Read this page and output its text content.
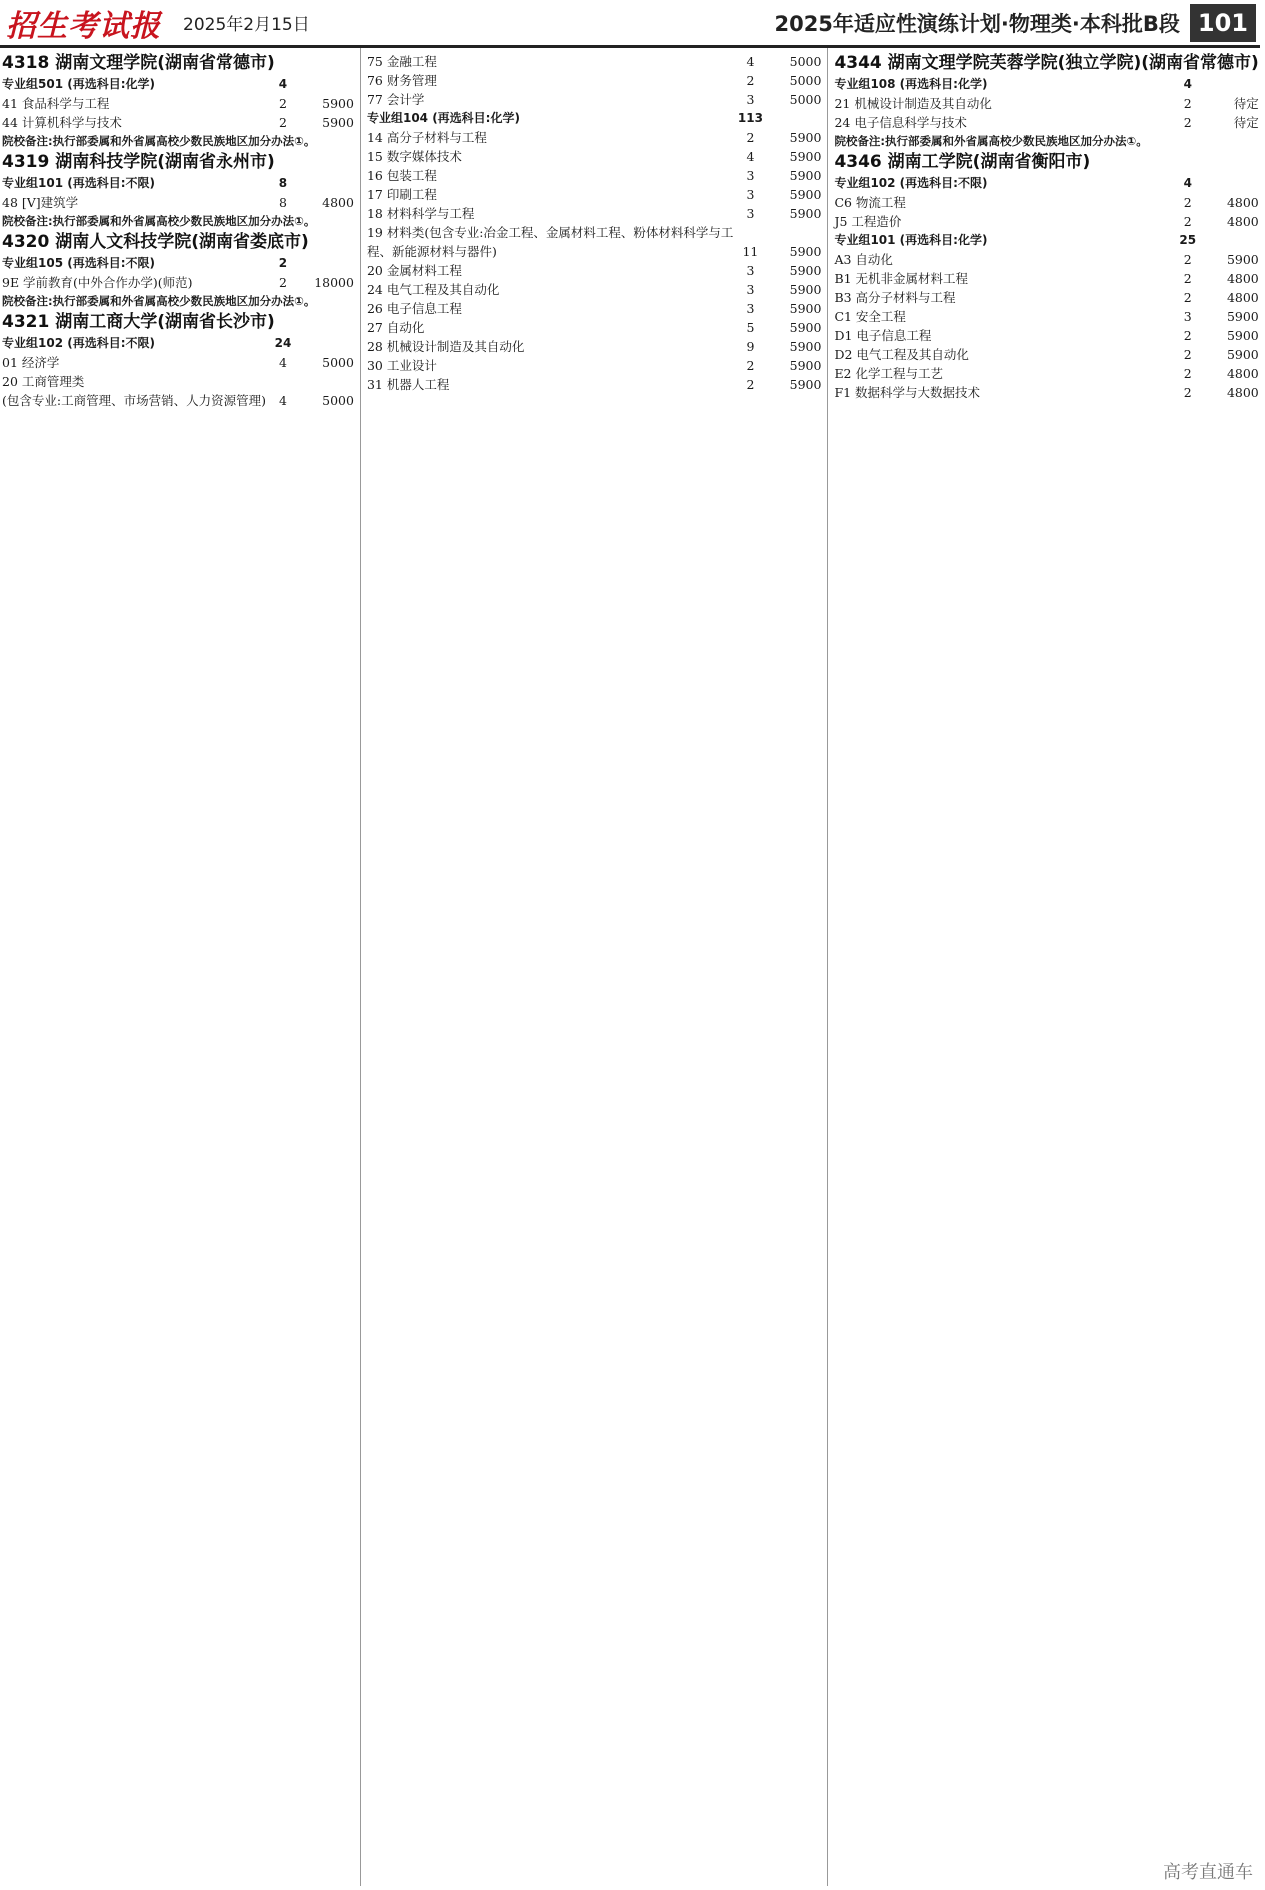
招生考试报 2025年2月15日	2025年适应性演练计划·物理类·本科批B段 101
4318 湖南文理学院(湖南省常德市)
专业组501 (再选科目:化学)	4
41 食品科学与工程	2	5900
44 计算机科学与技术	2	5900
院校备注:执行部委属和外省属高校少数民族地区加分办法①。
4319 湖南科技学院(湖南省永州市)
专业组101 (再选科目:不限)	8
48 [V]建筑学	8	4800
院校备注:执行部委属和外省属高校少数民族地区加分办法①。
4320 湖南人文科技学院(湖南省娄底市)
专业组105 (再选科目:不限)	2
9E 学前教育(中外合作办学)(师范)	2	18000
院校备注:执行部委属和外省属高校少数民族地区加分办法①。
4321 湖南工商大学(湖南省长沙市)
专业组102 (再选科目:不限)	24
01 经济学	4	5000
20 工商管理类
(包含专业:工商管理、市场营销、人力资源管理)	4	5000
75 金融工程	4	5000
76 财务管理	2	5000
77 会计学	3	5000
专业组104 (再选科目:化学)	113
14 高分子材料与工程	2	5900
15 数字媒体技术	4	5900
16 包装工程	3	5900
17 印刷工程	3	5900
18 材料科学与工程	3	5900
19 材料类(包含专业:冶金工程、金属材料工程、粉体材料科学与工
程、新能源材料与器件)	11	5900
20 金属材料工程	3	5900
24 电气工程及其自动化	3	5900
26 电子信息工程	3	5900
27 自动化	5	5900
28 机械设计制造及其自动化	9	5900
30 工业设计	2	5900
31 机器人工程	2	5900
4344 湖南文理学院芙蓉学院(独立学院)(湖南省常德市)
专业组108 (再选科目:化学)	4
21 机械设计制造及其自动化	2	待定
24 电子信息科学与技术	2	待定
院校备注:执行部委属和外省属高校少数民族地区加分办法①。
4346 湖南工学院(湖南省衡阳市)
专业组102 (再选科目:不限)	4
C6 物流工程	2	4800
J5 工程造价	2	4800
专业组101 (再选科目:化学)	25
A3 自动化	2	5900
B1 无机非金属材料工程	2	4800
B3 高分子材料与工程	2	4800
C1 安全工程	3	5900
D1 电子信息工程	2	5900
D2 电气工程及其自动化	2	5900
E2 化学工程与工艺	2	4800
F1 数据科学与大数据技术	2	4800
高考直通车
